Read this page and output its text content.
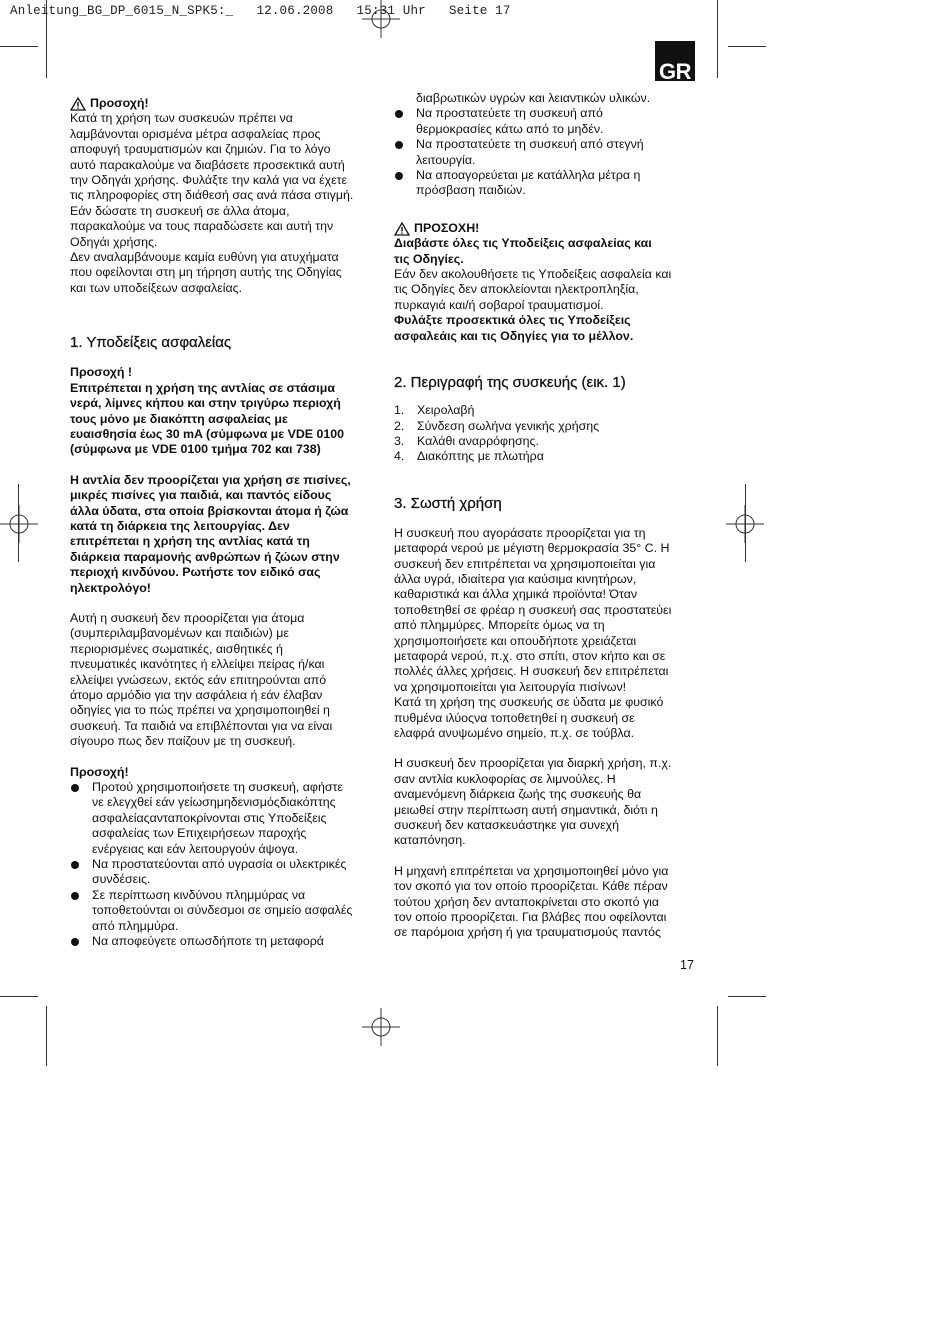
Anleitung_BG_DP_6015_N_SPK5:_   12.06.2008   15:31 Uhr   Seite 17
GR
Προσοχή!

Κατά τη χρήση των συσκευών πρέπει να

λαμβάνονται ορισμένα μέτρα ασφαλείας προς

αποφυγή τραυματισμών και ζημιών. Για το λόγο

αυτό παρακαλούμε να διαβάσετε προσεκτικά αυτή

την Οδηγάι χρήσης. Φυλάξτε την καλά για να έχετε

τις πληροφορίες στη διάθεσή σας ανά πάσα στιγμή.

Εάν δώσατε τη συσκευή σε άλλα άτομα,

παρακαλούμε να τους παραδώσετε και αυτή την

Οδηγάι χρήσης.

Δεν αναλαμβάνουμε καμία ευθύνη για ατυχήματα

που οφείλονται στη μη τήρηση αυτής της Οδηγίας

και των υποδείξεων ασφαλείας.

1. Υποδείξεις ασφαλείας

Προσοχή !

Επιτρέπεται η χρήση της αντλίας σε στάσιμα

νερά, λίμνες κήπου και στην τριγύρω περιοχή

τους μόνο με διακόπτη ασφαλείας με

ευαισθησία έως 30 mA (σύμφωνα με VDE 0100

(σύμφωνα με VDE 0100 τμήμα 702 και 738)

Η αντλία δεν προορίζεται για χρήση σε πισίνες,

μικρές πισίνες για παιδιά, και παντός είδους

άλλα ύδατα, στα οποία βρίσκονται άτομα ή ζώα

κατά τη διάρκεια της λειτουργίας. Δεν

επιτρέπεται η χρήση της αντλίας κατά τη

διάρκεια παραμονής ανθρώπων ή ζώων στην

περιοχή κινδύνου. Ρωτήστε τον ειδικό σας

ηλεκτρολόγο!

Αυτή η συσκευή δεν προορίζεται για άτομα

(συμπεριλαμβανομένων και παιδιών) με

περιορισμένες σωματικές, αισθητικές ή

πνευματικές ικανότητες ή ελλείψει πείρας ή/και

ελλείψει γνώσεων, εκτός εάν επιτηρούνται από

άτομο αρμόδιο για την ασφάλεια ή εάν έλαβαν

οδηγίες για το πώς πρέπει να χρησιμοποιηθεί η

συσκευή. Τα παιδιά να επιβλέπονται για να είναι

σίγουρο πως δεν παίζουν με τη συσκευή.

Προσοχή!

Προτού χρησιμοποιήσετε τη συσκευή, αφήστε

νε ελεγχθεί εάν γείωσημηδενισμόςδιακόπτης

ασφαλείαςανταποκρίνονται στις Υποδείξεις

ασφαλείας των Επιχειρήσεων παροχής

ενέργειας και εάν λειτουργούν άψογα.

Να προστατεύονται από υγρασία οι υλεκτρικές

συνδέσεις.

Σε περίπτωση κινδύνου πλημμύρας να

τοποθετούνται οι σύνδεσμοι σε σημείο ασφαλές

από πλημμύρα.

Να αποφεύγετε οπωσδήποτε τη μεταφορά

διαβρωτικών υγρών και λειαντικών υλικών.

Να προστατεύετε τη συσκευή από

θερμοκρασίες κάτω από το μηδέν.

Να προστατεύετε τη συσκευή από στεγνή

λειτουργία.

Να αποαγορεύεται με κατάλληλα μέτρα η

πρόσβαση παιδιών.

ΠΡΟΣΟΧΗ!

Διαβάστε όλες τις Υποδείξεις ασφαλείας και

τις Οδηγίες.

Εάν δεν ακολουθήσετε τις Υποδείξεις ασφαλεία και

τις Οδηγίες δεν αποκλείονται ηλεκτροπληξία,

πυρκαγιά και/ή σοβαροί τραυματισμοί.

Φυλάξτε προσεκτικά όλες τις Υποδείξεις

ασφαλεάις και τις Οδηγίες για το μέλλον.

2. Περιγραφή της συσκευής (εικ. 1)
1.	Χειρολαβή
2.	Σύνδεση σωλήνα γενικής χρήσης
3.	Καλάθι αναρρόφησης.
4.	Διακόπτης με πλωτήρα
3. Σωστή χρήση

Η συσκευή που αγοράσατε προορίζεται για τη

μεταφορά νερού με μέγιστη θερμοκρασία 35° C. Η

συσκευή δεν επιτρέπεται να χρησιμοποιείται για

άλλα υγρά, ιδιαίτερα για καύσιμα κινητήρων,

καθαριστικά και άλλα χημικά προϊόντα! Όταν

τοποθετηθεί σε φρέαρ η συσκευή σας προστατεύει

από πλημμύρες. Μπορείτε όμως να τη

χρησιμοποιήσετε και οπουδήποτε χρειάζεται

μεταφορά νερού, π.χ. στο σπίτι, στον κήπο και σε

πολλές άλλες χρήσεις. Η συσκευή δεν επιτρέπεται

να χρησιμοποιείται για λειτουργία πισίνων!

Κατά τη χρήση της συσκευής σε ύδατα με φυσικό

πυθμένα ιλύοςνα τοποθετηθεί η συσκευή σε

ελαφρά ανυψωμένο σημείο, π.χ. σε τούβλα.

Η συσκευή δεν προορίζεται για διαρκή χρήση, π.χ.

σαν αντλία κυκλοφορίας σε λιμνούλες. Η

αναμενόμενη διάρκεια ζωής της συσκευής θα

μειωθεί στην περίπτωση αυτή σημαντικά, διότι η

συσκευή δεν κατασκευάστηκε για συνεχή

καταπόνηση.

Η μηχανή επιτρέπεται να χρησιμοποιηθεί μόνο για

τον σκοπό για τον οποίο προορίζεται. Κάθε πέραν

τούτου χρήση δεν ανταποκρίνεται στο σκοπό για

τον οποίο προορίζεται. Για βλάβες που οφείλονται

σε παρόμοια χρήση ή για τραυματισμούς παντός

17
